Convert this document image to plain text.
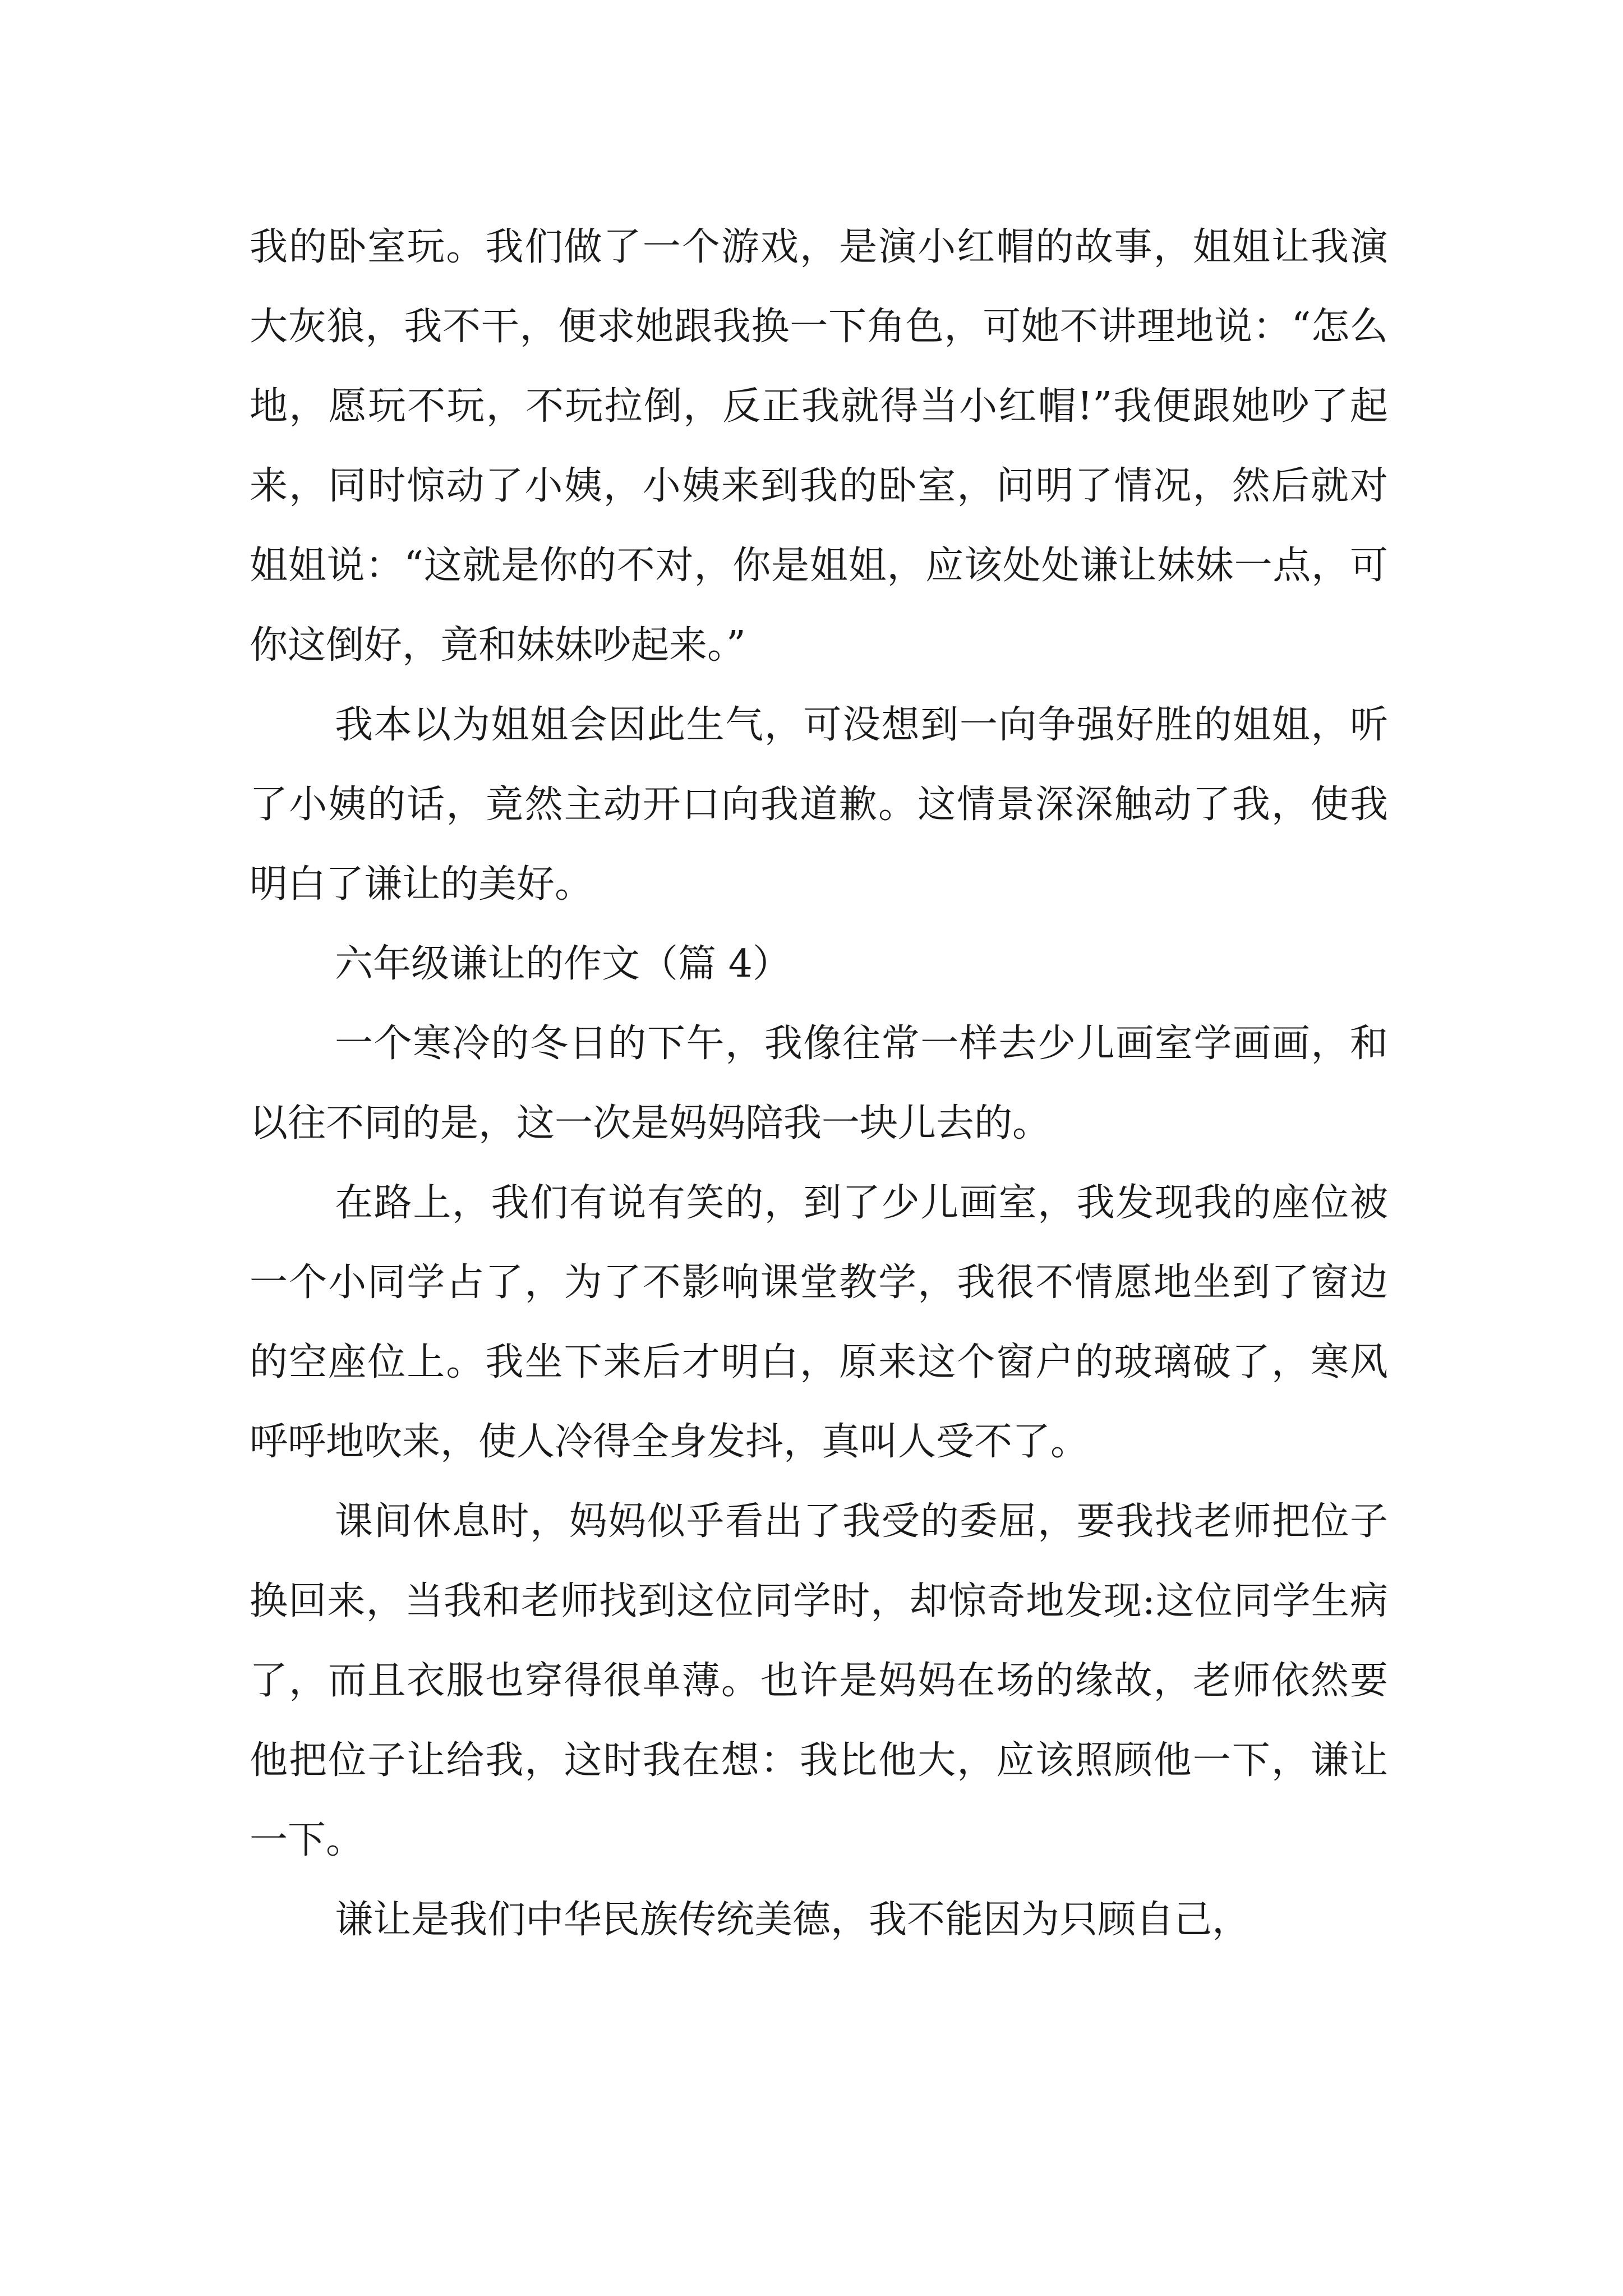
我的卧室玩。我们做了一个游戏，是演小红帽的故事，姐姐让我演大灰狼，我不干，便求她跟我换一下角色，可她不讲理地说：“怎么地，愿玩不玩，不玩拉倒，反正我就得当小红帽!”我便跟她吵了起来，同时惊动了小姨，小姨来到我的卧室，问明了情况，然后就对姐姐说：“这就是你的不对，你是姐姐，应该处处谦让妹妹一点，可你这倒好，竟和妹妹吵起来。”

我本以为姐姐会因此生气，可没想到一向争强好胜的姐姐，听了小姨的话，竟然主动开口向我道歉。这情景深深触动了我，使我明白了谦让的美好。

六年级谦让的作文（篇 4）

一个寒冷的冬日的下午，我像往常一样去少儿画室学画画，和以往不同的是，这一次是妈妈陪我一块儿去的。

在路上，我们有说有笑的，到了少儿画室，我发现我的座位被一个小同学占了，为了不影响课堂教学，我很不情愿地坐到了窗边的空座位上。我坐下来后才明白，原来这个窗户的玻璃破了，寒风呼呼地吹来，使人冷得全身发抖，真叫人受不了。

课间休息时，妈妈似乎看出了我受的委屈，要我找老师把位子换回来，当我和老师找到这位同学时，却惊奇地发现:这位同学生病了，而且衣服也穿得很单薄。也许是妈妈在场的缘故，老师依然要他把位子让给我，这时我在想：我比他大，应该照顾他一下，谦让一下。

谦让是我们中华民族传统美德，我不能因为只顾自己，
